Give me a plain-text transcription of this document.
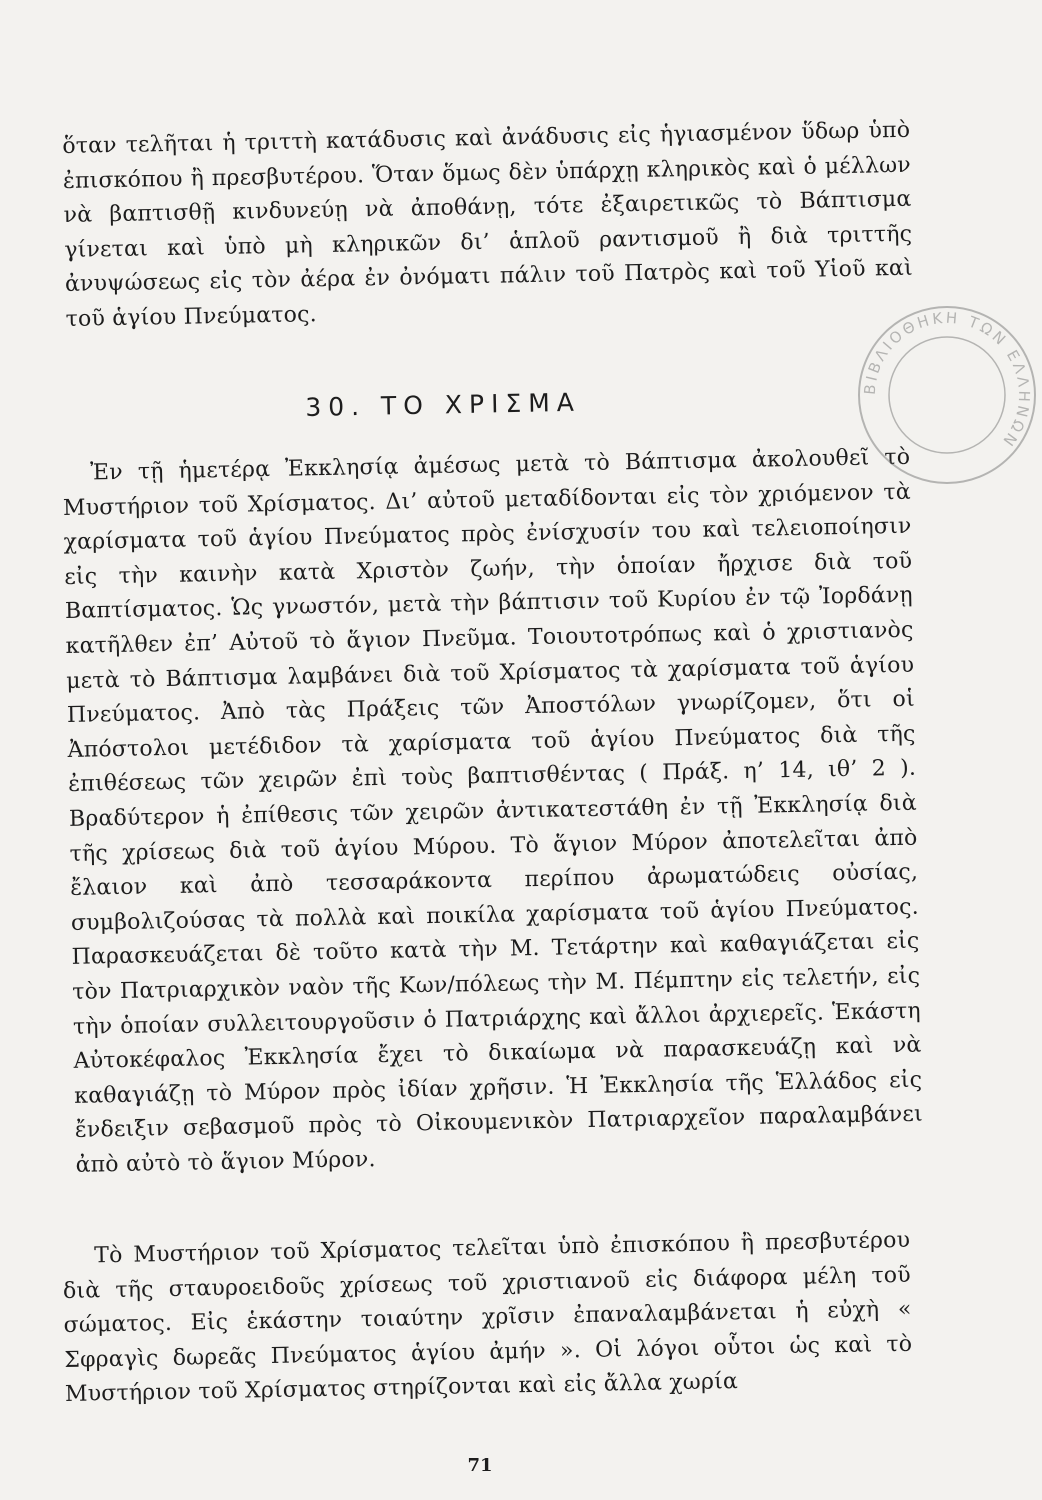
ὅταν τελῆται ἡ τριττὴ κατάδυσις καὶ ἀνάδυσις εἰς ἡγιασμένον ὕδωρ ὑπὸ ἐπισκόπου ἢ πρεσβυτέρου. Ὅταν ὅμως δὲν ὑπάρχῃ κληρικὸς καὶ ὁ μέλλων νὰ βαπτισθῇ κινδυνεύῃ νὰ ἀποθάνῃ, τότε ἐξαιρετικῶς τὸ Βάπτισμα γίνεται καὶ ὑπὸ μὴ κληρικῶν δι’ ἁπλοῦ ραντισμοῦ ἢ διὰ τριττῆς ἀνυψώσεως εἰς τὸν ἀέρα ἐν ὀνόματι πάλιν τοῦ Πατρὸς καὶ τοῦ Υἱοῦ καὶ τοῦ ἁγίου Πνεύματος.

30. ΤΟ ΧΡΙΣΜΑ

Ἐν τῇ ἡμετέρᾳ Ἐκκλησίᾳ ἀμέσως μετὰ τὸ Βάπτισμα ἀκολουθεῖ τὸ Μυστήριον τοῦ Χρίσματος. Δι’ αὐτοῦ μεταδίδονται εἰς τὸν χριόμενον τὰ χαρίσματα τοῦ ἁγίου Πνεύματος πρὸς ἐνίσχυσίν του καὶ τελειοποίησιν εἰς τὴν καινὴν κατὰ Χριστὸν ζωήν, τὴν ὁποίαν ἤρχισε διὰ τοῦ Βαπτίσματος. Ὡς γνωστόν, μετὰ τὴν βάπτισιν τοῦ Κυρίου ἐν τῷ Ἰορδάνῃ κατῆλθεν ἐπ’ Αὐτοῦ τὸ ἅγιον Πνεῦμα. Τοιουτοτρόπως καὶ ὁ χριστιανὸς μετὰ τὸ Βάπτισμα λαμβάνει διὰ τοῦ Χρίσματος τὰ χαρίσματα τοῦ ἁγίου Πνεύματος. Ἀπὸ τὰς Πράξεις τῶν Ἀποστόλων γνωρίζομεν, ὅτι οἱ Ἀπόστολοι μετέδιδον τὰ χαρίσματα τοῦ ἁγίου Πνεύματος διὰ τῆς ἐπιθέσεως τῶν χειρῶν ἐπὶ τοὺς βαπτισθέντας ( Πράξ. η’ 14, ιθ’ 2 ). Βραδύτερον ἡ ἐπίθεσις τῶν χειρῶν ἀντικατεστάθη ἐν τῇ Ἐκκλησίᾳ διὰ τῆς χρίσεως διὰ τοῦ ἁγίου Μύρου. Τὸ ἅγιον Μύρον ἀποτελεῖται ἀπὸ ἔλαιον καὶ ἀπὸ τεσσαράκοντα περίπου ἀρωματώδεις οὐσίας, συμβολιζούσας τὰ πολλὰ καὶ ποικίλα χαρίσματα τοῦ ἁγίου Πνεύματος. Παρασκευάζεται δὲ τοῦτο κατὰ τὴν Μ. Τετάρτην καὶ καθαγιάζεται εἰς τὸν Πατριαρχικὸν ναὸν τῆς Κων/πόλεως τὴν Μ. Πέμπτην εἰς τελετήν, εἰς τὴν ὁποίαν συλλειτουργοῦσιν ὁ Πατριάρχης καὶ ἄλλοι ἀρχιερεῖς. Ἑκάστη Αὐτοκέφαλος Ἐκκλησία ἔχει τὸ δικαίωμα νὰ παρασκευάζῃ καὶ νὰ καθαγιάζῃ τὸ Μύρον πρὸς ἰδίαν χρῆσιν. Ἡ Ἐκκλησία τῆς Ἑλλάδος εἰς ἔνδειξιν σεβασμοῦ πρὸς τὸ Οἰκουμενικὸν Πατριαρχεῖον παραλαμβάνει ἀπὸ αὐτὸ τὸ ἅγιον Μύρον.

Τὸ Μυστήριον τοῦ Χρίσματος τελεῖται ὑπὸ ἐπισκόπου ἢ πρεσβυτέρου διὰ τῆς σταυροειδοῦς χρίσεως τοῦ χριστιανοῦ εἰς διάφορα μέλη τοῦ σώματος. Εἰς ἑκάστην τοιαύτην χρῖσιν ἐπαναλαμβάνεται ἡ εὐχὴ « Σφραγὶς δωρεᾶς Πνεύματος ἁγίου ἀμήν ». Οἱ λόγοι οὗτοι ὡς καὶ τὸ Μυστήριον τοῦ Χρίσματος στηρίζονται καὶ εἰς ἄλλα χωρία

ΒΙΒΛΙΟΘΗΚΗ ΤΩΝ ΕΛΛΗΝΩΝ
71
